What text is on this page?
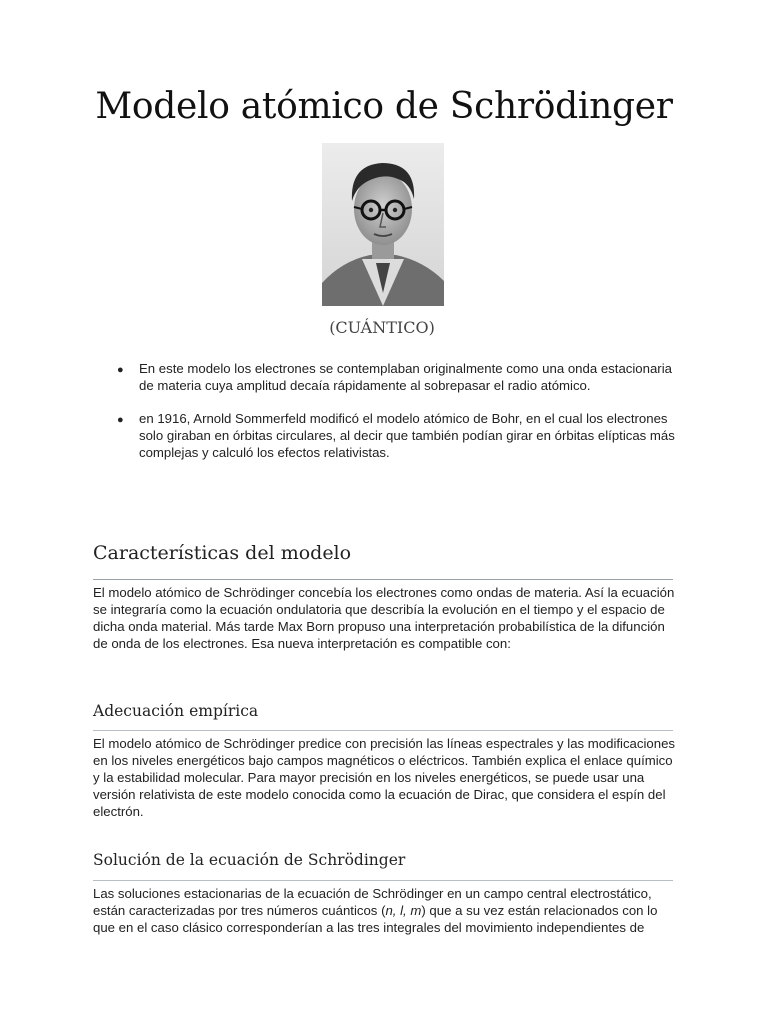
Modelo atómico de Schrödinger

(CUÁNTICO)

● En este modelo los electrones se contemplaban originalmente como una onda estacionaria de materia cuya amplitud decaía rápidamente al sobrepasar el radio atómico.
● en 1916, Arnold Sommerfeld modificó el modelo atómico de Bohr, en el cual los electrones solo giraban en órbitas circulares, al decir que también podían girar en órbitas elípticas más complejas y calculó los efectos relativistas.
Características del modelo

El modelo atómico de Schrödinger concebía los electrones como ondas de materia. Así la ecuación se integraría como la ecuación ondulatoria que describía la evolución en el tiempo y el espacio de dicha onda material. Más tarde Max Born propuso una interpretación probabilística de la difunción de onda de los electrones. Esa nueva interpretación es compatible con:

Adecuación empírica

El modelo atómico de Schrödinger predice con precisión las líneas espectrales y las modificaciones en los niveles energéticos bajo campos magnéticos o eléctricos. También explica el enlace químico y la estabilidad molecular. Para mayor precisión en los niveles energéticos, se puede usar una versión relativista de este modelo conocida como la ecuación de Dirac, que considera el espín del electrón.

Solución de la ecuación de Schrödinger

Las soluciones estacionarias de la ecuación de Schrödinger en un campo central electrostático, están caracterizadas por tres números cuánticos (n, l, m) que a su vez están relacionados con lo que en el caso clásico corresponderían a las tres integrales del movimiento independientes de
